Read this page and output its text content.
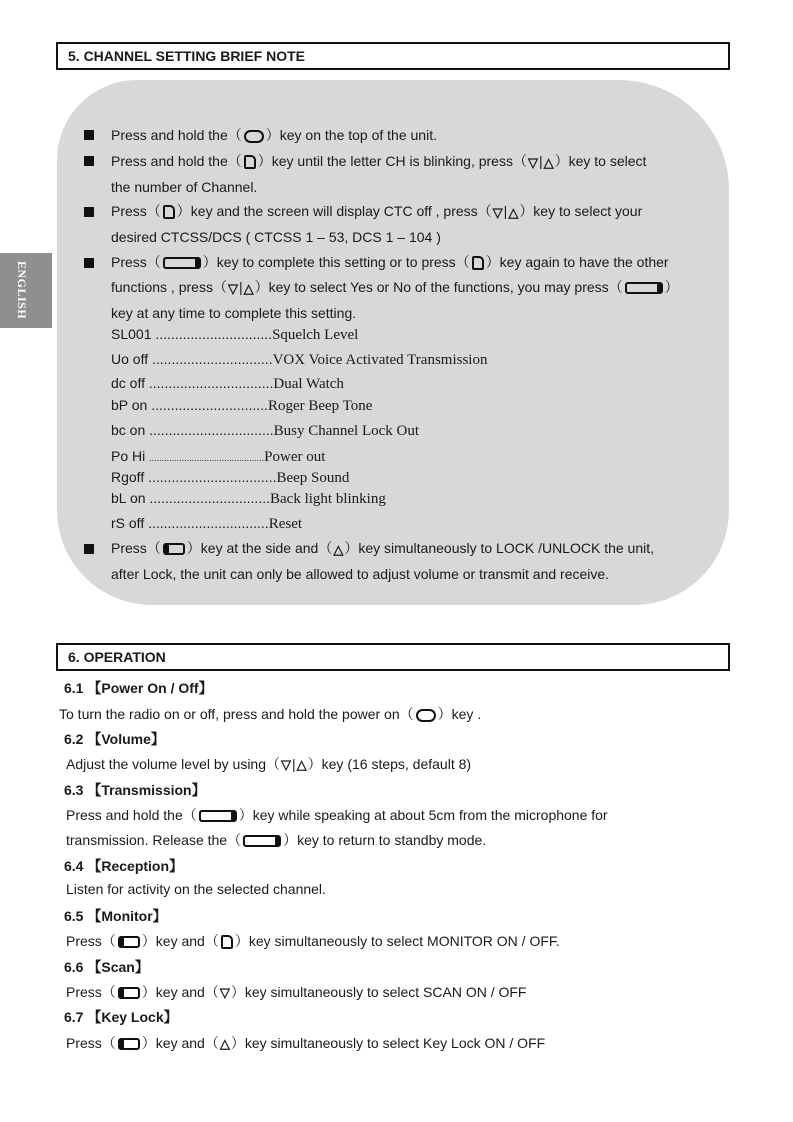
5. CHANNEL SETTING BRIEF NOTE
ENGLISH
Press and hold the（ ）key on the top of the unit.
Press and hold the（ ）key until the letter CH is blinking, press（▽|△）key to select
the number of Channel.
Press（ ）key and the screen will display CTC off , press（▽|△）key to select your
desired CTCSS/DCS ( CTCSS 1 – 53, DCS 1 – 104 )
Press（	）key to complete this setting or to press（ ）key again to have the other
functions , press（▽|△）key to select Yes or No of the functions, you may press（	）
key at any time to complete this setting.
SL001 ..............................Squelch Level
Uo off ...............................VOX Voice Activated Transmission
dc off ................................Dual Watch
bP on ..............................Roger Beep Tone
bc on ................................Busy Channel Lock Out
Po Hi ..............................................Power out
Rgoff .................................Beep Sound
bL on ...............................Back light blinking
rS off ...............................Reset
Press（ ）key at the side and（△）key simultaneously to LOCK /UNLOCK the unit,
after Lock, the unit can only be allowed to adjust volume or transmit and receive.
6. OPERATION
6.1 【Power On / Off】
To turn the radio on or off, press and hold the power on（ ）key .
6.2 【Volume】
Adjust the volume level by using（▽|△）key (16 steps, default 8)
6.3 【Transmission】
Press and hold the（	）key while speaking at about 5cm from the microphone for
transmission. Release the（	）key to return to standby mode.
6.4 【Reception】
Listen for activity on the selected channel.
6.5 【Monitor】
Press（ ）key and（ ）key simultaneously to select MONITOR ON / OFF.
6.6 【Scan】
Press（ ）key and（▽）key simultaneously to select SCAN ON / OFF
6.7 【Key Lock】
Press（ ）key and（△）key simultaneously to select Key Lock ON / OFF
